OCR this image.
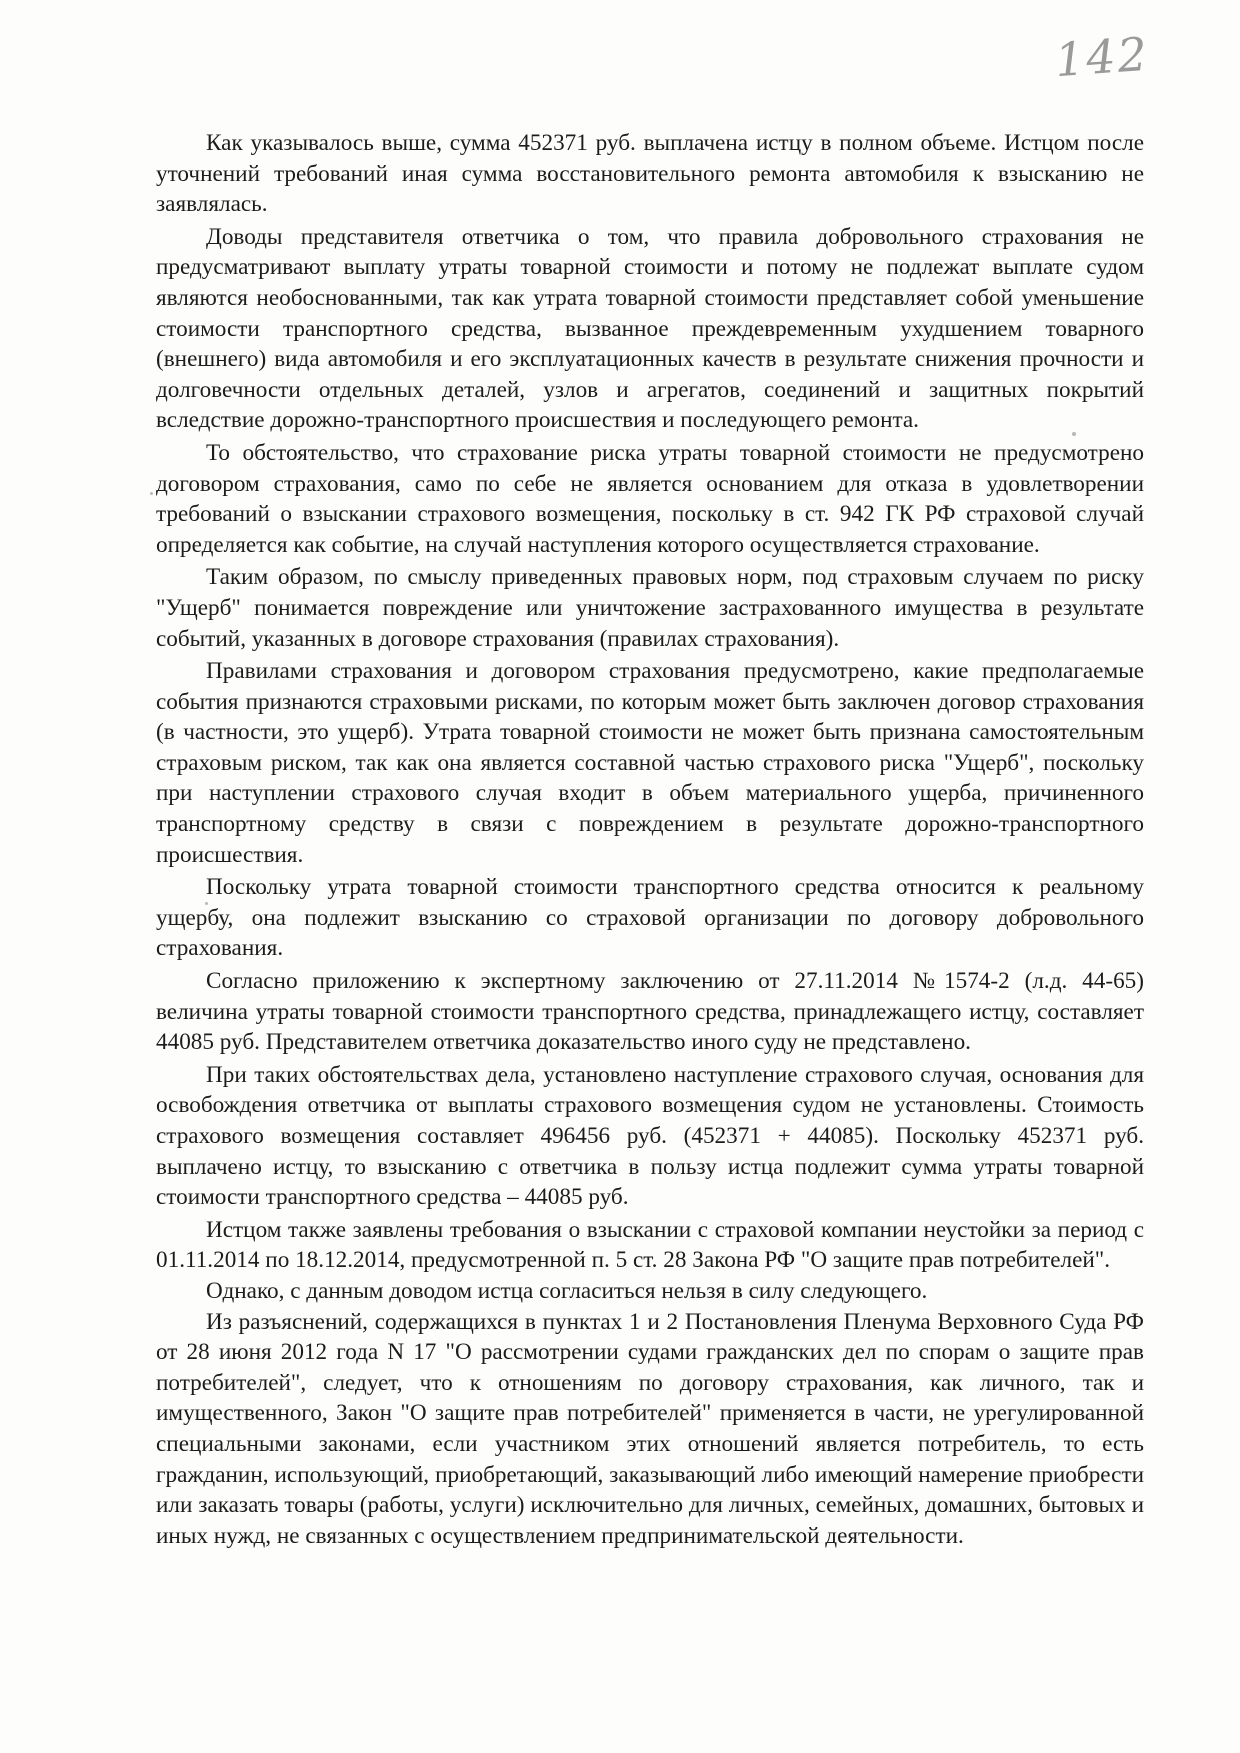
142

Как указывалось выше, сумма 452371 руб. выплачена истцу в полном объеме. Истцом после уточнений требований иная сумма восстановительного ремонта автомобиля к взысканию не заявлялась.

Доводы представителя ответчика о том, что правила добровольного страхования не предусматривают выплату утраты товарной стоимости и потому не подлежат выплате судом являются необоснованными, так как утрата товарной стоимости представляет собой уменьшение стоимости транспортного средства, вызванное преждевременным ухудшением товарного (внешнего) вида автомобиля и его эксплуатационных качеств в результате снижения прочности и долговечности отдельных деталей, узлов и агрегатов, соединений и защитных покрытий вследствие дорожно-транспортного происшествия и последующего ремонта.

То обстоятельство, что страхование риска утраты товарной стоимости не предусмотрено договором страхования, само по себе не является основанием для отказа в удовлетворении требований о взыскании страхового возмещения, поскольку в ст. 942 ГК РФ страховой случай определяется как событие, на случай наступления которого осуществляется страхование.

Таким образом, по смыслу приведенных правовых норм, под страховым случаем по риску "Ущерб" понимается повреждение или уничтожение застрахованного имущества в результате событий, указанных в договоре страхования (правилах страхования).

Правилами страхования и договором страхования предусмотрено, какие предполагаемые события признаются страховыми рисками, по которым может быть заключен договор страхования (в частности, это ущерб). Утрата товарной стоимости не может быть признана самостоятельным страховым риском, так как она является составной частью страхового риска "Ущерб", поскольку при наступлении страхового случая входит в объем материального ущерба, причиненного транспортному средству в связи с повреждением в результате дорожно-транспортного происшествия.

Поскольку утрата товарной стоимости транспортного средства относится к реальному ущербу, она подлежит взысканию со страховой организации по договору добровольного страхования.

Согласно приложению к экспертному заключению от 27.11.2014 №1574-2 (л.д. 44-65) величина утраты товарной стоимости транспортного средства, принадлежащего истцу, составляет 44085 руб. Представителем ответчика доказательство иного суду не представлено.

При таких обстоятельствах дела, установлено наступление страхового случая, основания для освобождения ответчика от выплаты страхового возмещения судом не установлены. Стоимость страхового возмещения составляет 496456 руб. (452371 + 44085). Поскольку 452371 руб. выплачено истцу, то взысканию с ответчика в пользу истца подлежит сумма утраты товарной стоимости транспортного средства – 44085 руб.

Истцом также заявлены требования о взыскании с страховой компании неустойки за период с 01.11.2014 по 18.12.2014, предусмотренной п. 5 ст. 28 Закона РФ "О защите прав потребителей".

Однако, с данным доводом истца согласиться нельзя в силу следующего.

Из разъяснений, содержащихся в пунктах 1 и 2 Постановления Пленума Верховного Суда РФ от 28 июня 2012 года N 17 "О рассмотрении судами гражданских дел по спорам о защите прав потребителей", следует, что к отношениям по договору страхования, как личного, так и имущественного, Закон "О защите прав потребителей" применяется в части, не урегулированной специальными законами, если участником этих отношений является потребитель, то есть гражданин, использующий, приобретающий, заказывающий либо имеющий намерение приобрести или заказать товары (работы, услуги) исключительно для личных, семейных, домашних, бытовых и иных нужд, не связанных с осуществлением предпринимательской деятельности.
